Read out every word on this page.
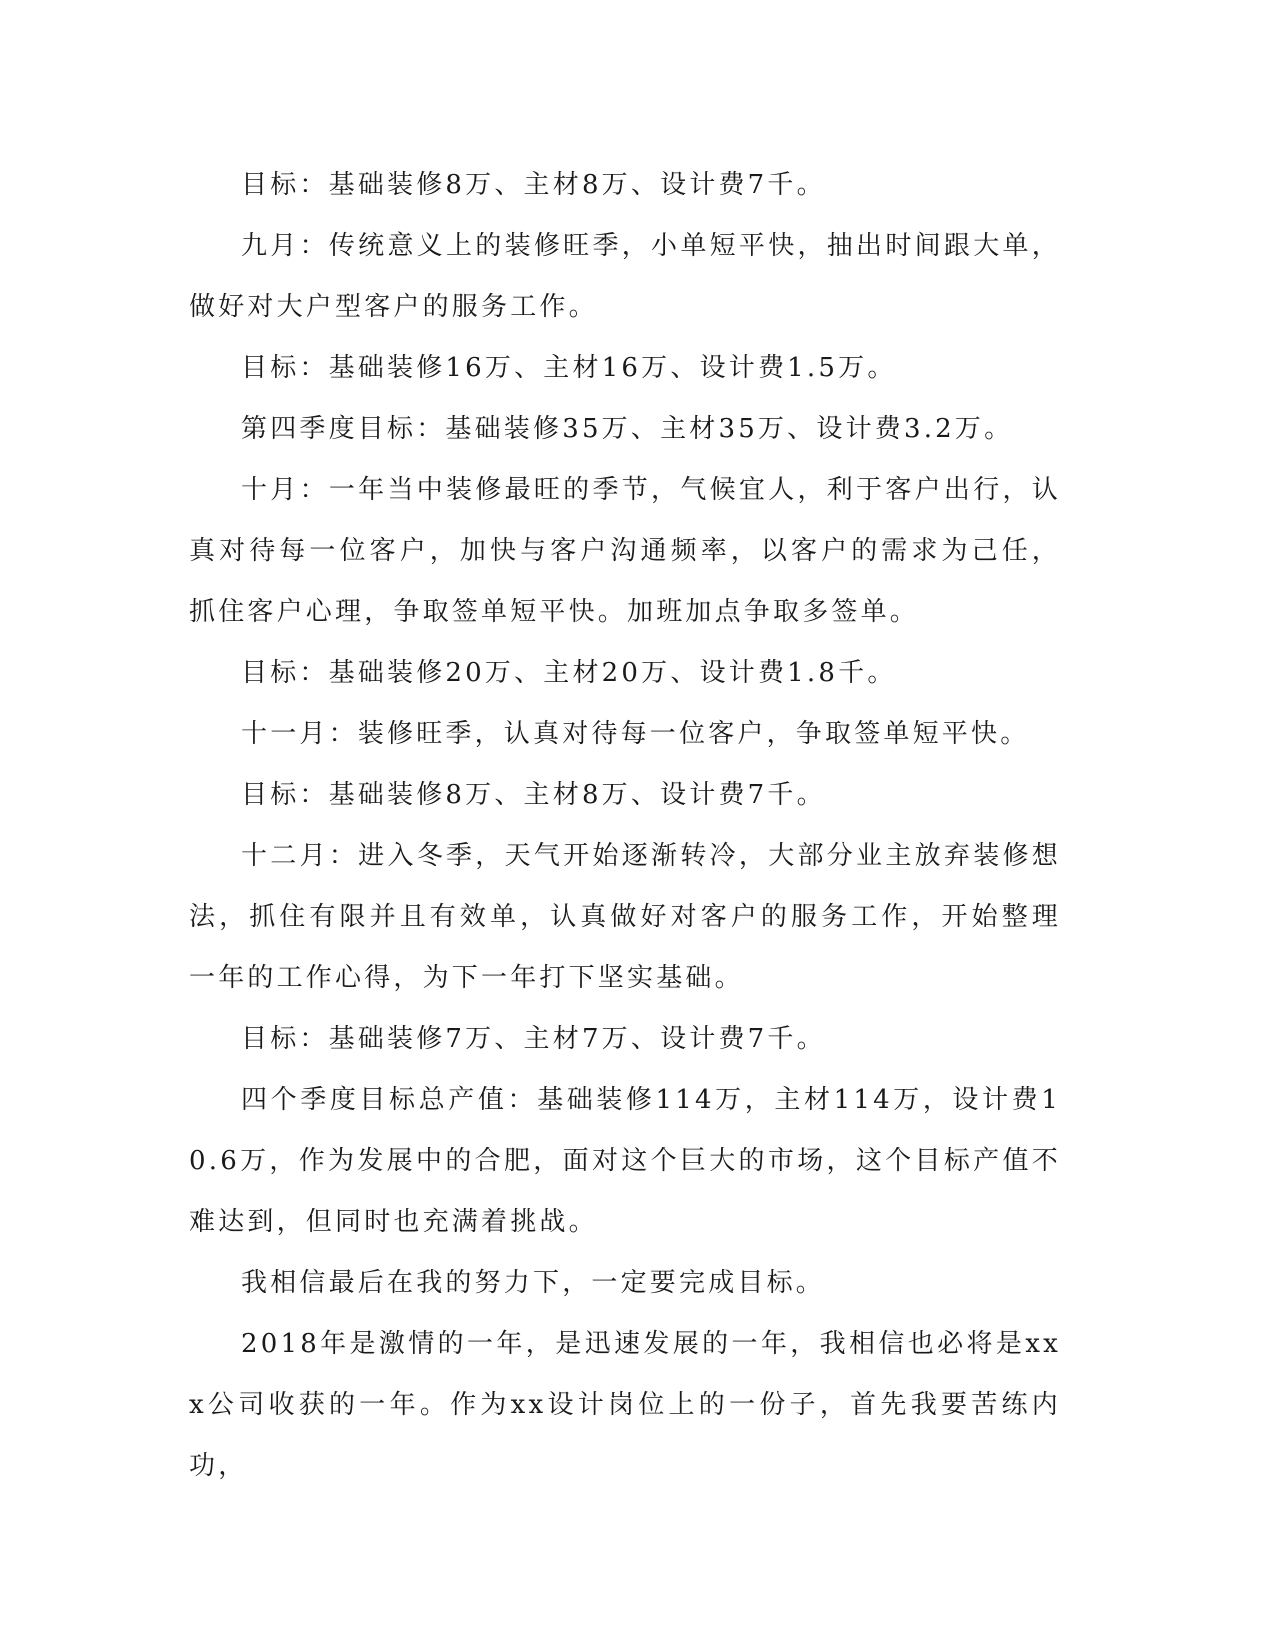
目标：基础装修8万、主材8万、设计费7千。

九月：传统意义上的装修旺季，小单短平快，抽出时间跟大单，做好对大户型客户的服务工作。

目标：基础装修16万、主材16万、设计费1.5万。

第四季度目标：基础装修35万、主材35万、设计费3.2万。

十月：一年当中装修最旺的季节，气候宜人，利于客户出行，认真对待每一位客户，加快与客户沟通频率，以客户的需求为己任，抓住客户心理，争取签单短平快。加班加点争取多签单。

目标：基础装修20万、主材20万、设计费1.8千。

十一月：装修旺季，认真对待每一位客户，争取签单短平快。

目标：基础装修8万、主材8万、设计费7千。

十二月：进入冬季，天气开始逐渐转冷，大部分业主放弃装修想法，抓住有限并且有效单，认真做好对客户的服务工作，开始整理一年的工作心得，为下一年打下坚实基础。

目标：基础装修7万、主材7万、设计费7千。

四个季度目标总产值：基础装修114万，主材114万，设计费10.6万，作为发展中的合肥，面对这个巨大的市场，这个目标产值不难达到，但同时也充满着挑战。

我相信最后在我的努力下，一定要完成目标。

2018年是激情的一年，是迅速发展的一年，我相信也必将是xxx公司收获的一年。作为xx设计岗位上的一份子，首先我要苦练内功，
